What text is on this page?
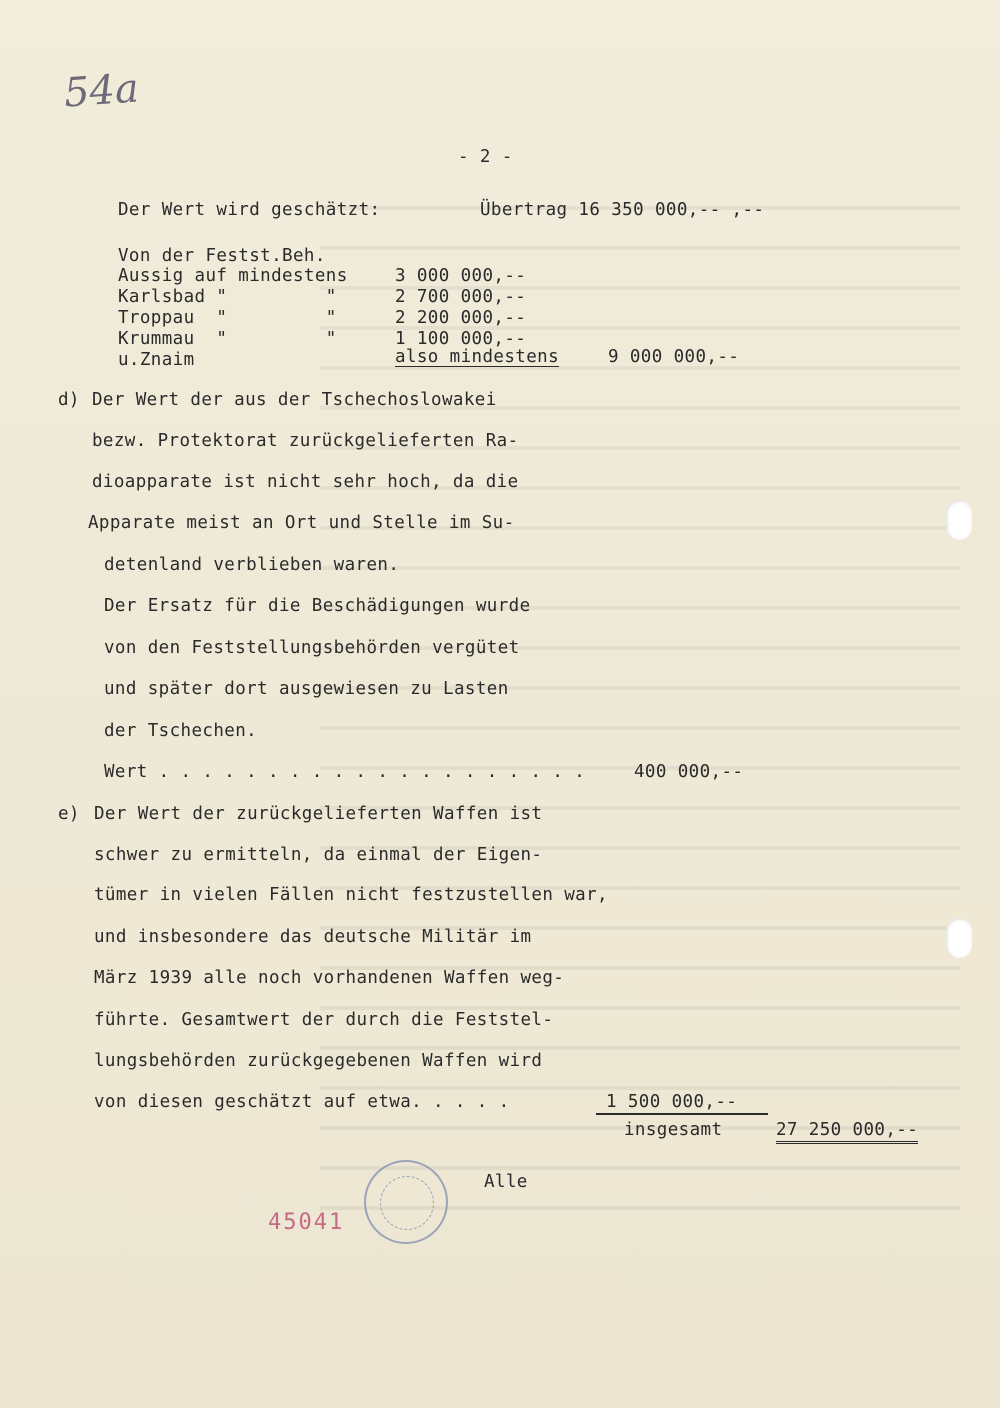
54a
- 2 -
Der Wert wird geschätzt:	Übertrag 16 350 000,-- ,--
Von der Festst.Beh.
Aussig auf mindestens	3 000 000,--
Karlsbad "         "	2 700 000,--
Troppau  "         "	2 200 000,--
Krummau  "         "	1 100 000,--
u.Znaim	also mindestens	9 000 000,--
d) Der Wert der aus der Tschechoslowakei
bezw. Protektorat zurückgelieferten Ra-
dioapparate ist nicht sehr hoch, da die
Apparate meist an Ort und Stelle im Su-
detenland verblieben waren.
Der Ersatz für die Beschädigungen wurde
von den Feststellungsbehörden vergütet
und später dort ausgewiesen zu Lasten
der Tschechen.
Wert . . . . . . . . . . . . . . . . . . . .	400 000,--
e) Der Wert der zurückgelieferten Waffen ist
schwer zu ermitteln, da einmal der Eigen-
tümer in vielen Fällen nicht festzustellen war,
und insbesondere das deutsche Militär im
März 1939 alle noch vorhandenen Waffen weg-
führte. Gesamtwert der durch die Feststel-
lungsbehörden zurückgegebenen Waffen wird
von diesen geschätzt auf etwa. . . . .	1 500 000,--
insgesamt	27 250 000,--
Alle
45041
